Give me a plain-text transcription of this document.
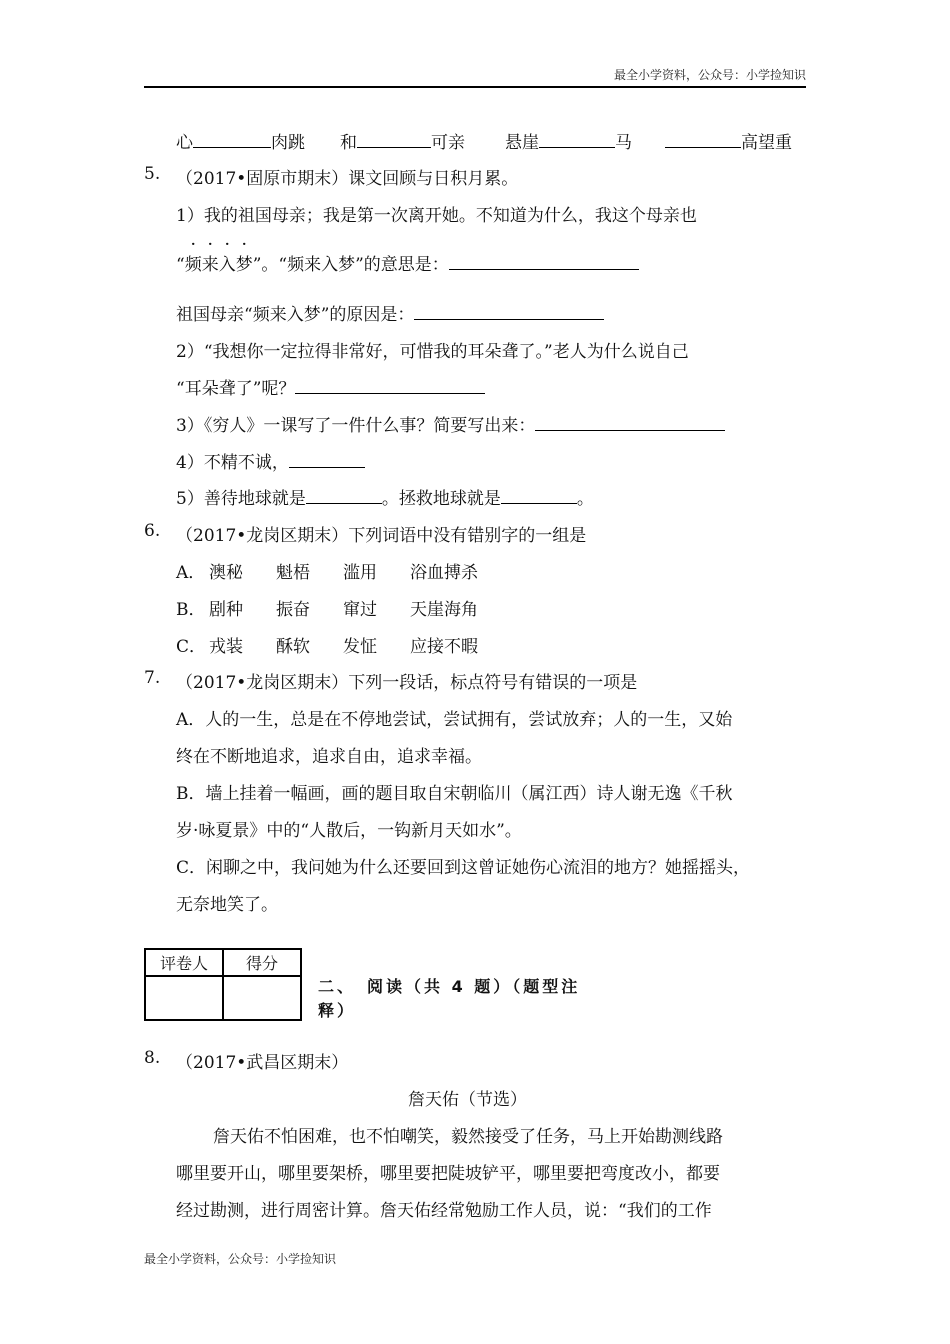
最全小学资料，公众号：小学捡知识
心	肉跳 和	可亲 悬崖	马	高望重
5. （2017•固原市期末）课文回顾与日积月累。
1）我的祖国母亲；我是第一次离开她。不知道为什么，我这个母亲也
“频来入梦”。“频来入梦”的意思是：
祖国母亲“频来入梦”的原因是：
2）“我想你一定拉得非常好，可惜我的耳朵聋了。”老人为什么说自己
“耳朵聋了”呢？
3）《穷人》一课写了一件什么事？简要写出来：
4）不精不诚，
5）善待地球就是	。拯救地球就是	。
6. （2017•龙岗区期末）下列词语中没有错别字的一组是
A． 澳秘 魁梧 滥用 浴血搏杀
B． 剧种 振奋 窜过 天崖海角
C． 戎装 酥软 发怔 应接不暇
7. （2017•龙岗区期末）下列一段话，标点符号有错误的一项是
A．人的一生，总是在不停地尝试，尝试拥有，尝试放弃；人的一生，又始
终在不断地追求，追求自由，追求幸福。
B．墙上挂着一幅画，画的题目取自宋朝临川（属江西）诗人谢无逸《千秋
岁·咏夏景》中的“人散后，一钩新月天如水”。
C．闲聊之中，我问她为什么还要回到这曾证她伤心流泪的地方？她摇摇头，
无奈地笑了。
评卷人	得分

二、　阅读（共 4 题）（题型注
释）
8. （2017•武昌区期末）
詹天佑（节选）
詹天佑不怕困难，也不怕嘲笑，毅然接受了任务，马上开始勘测线路
哪里要开山，哪里要架桥，哪里要把陡坡铲平，哪里要把弯度改小，都要
经过勘测，进行周密计算。詹天佑经常勉励工作人员，说：“我们的工作
最全小学资料，公众号：小学捡知识
